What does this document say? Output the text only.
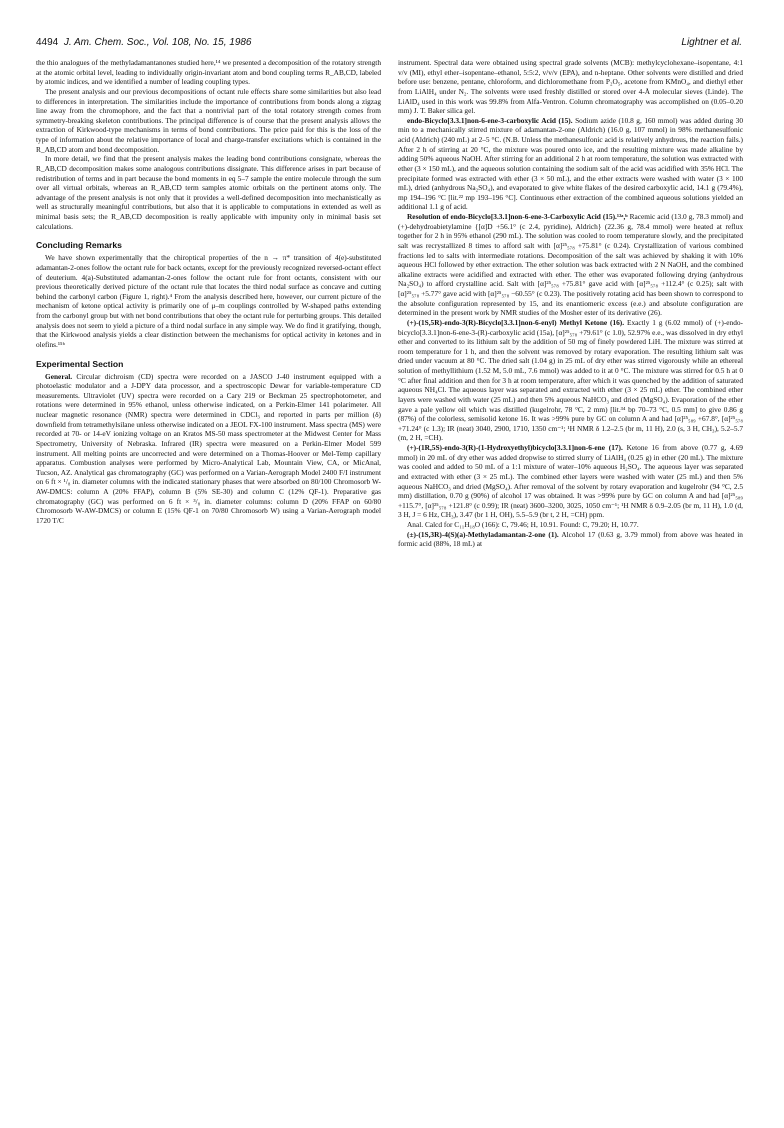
4494 J. Am. Chem. Soc., Vol. 108, No. 15, 1986	Lightner et al.

the thio analogues of the methyladamantanones studied here,¹⁴ we presented a decomposition of the rotatory strength at the atomic orbital level, leading to individually origin-invariant atom and bond coupling terms R_AB,CD, labeled by atomic indices, and we identified a number of leading coupling types.

The present analysis and our previous decompositions of octant rule effects share some similarities but also lead to differences in interpretation. The similarities include the importance of contributions from bonds along a zigzag line away from the chromophore, and the fact that a nontrivial part of the total rotatory strength comes from symmetry-breaking skeleton contributions. The principal difference is of course that the present analysis allows the extraction of Kirkwood-type mechanisms in terms of bond contributions. The price paid for this is the loss of the type of information about the relative importance of local and charge-transfer excitations which is contained in the R_AB,CD atom and bond decomposition.

In more detail, we find that the present analysis makes the leading bond contributions consignate, whereas the R_AB,CD decomposition makes some analogous contributions dissignate. This difference arises in part because of redistribution of terms and in part because the bond moments in eq 5–7 sample the entire molecule through the sum over all virtual orbitals, whereas an R_AB,CD term samples atomic orbitals on the pertinent atoms only. The advantage of the present analysis is not only that it provides a well-defined decomposition into mechanistically as well as structurally meaningful contributions, but also that it is applicable to computations in extended as well as minimal basis sets; the R_AB,CD decomposition is really applicable with impunity only in minimal basis set calculations.

Concluding Remarks

We have shown experimentally that the chiroptical properties of the n → π* transition of 4(e)-substituted adamantan-2-ones follow the octant rule for back octants, except for the previously recognized reversed-octant effect of deuterium. 4(a)-Substituted adamantan-2-ones follow the octant rule for front octants, consistent with our previous theoretically derived picture of the octant rule that locates the third nodal surface as concave and cutting behind the carbonyl carbon (Figure 1, right).⁴ From the analysis described here, however, our current picture of the mechanism of ketone optical activity is primarily one of μ–m couplings controlled by W-shaped paths extending from the carbonyl group but with net bond contributions that obey the octant rule for perturbing groups. This detailed analysis does not seem to yield a picture of a third nodal surface in any simple way. We do find it gratifying, though, that the Kirkwood analysis yields a clear distinction between the mechanisms for optical activity in ketones and in olefins.¹⁵ᵇ

Experimental Section

General. Circular dichroism (CD) spectra were recorded on a JASCO J-40 instrument equipped with a photoelastic modulator and a J-DPY data processor, and a spectroscopic Dewar for variable-temperature CD measurements. Ultraviolet (UV) spectra were recorded on a Cary 219 or Beckman 25 spectrophotometer, and rotations were determined in 95% ethanol, unless otherwise indicated, on a Perkin-Elmer 141 polarimeter. All nuclear magnetic resonance (NMR) spectra were determined in CDCl₃ and reported in parts per million (δ) downfield from tetramethylsilane unless otherwise indicated on a JEOL FX-100 instrument. Mass spectra (MS) were recorded at 70- or 14-eV ionizing voltage on an Kratos MS-50 mass spectrometer at the Midwest Center for Mass Spectrometry, University of Nebraska. Infrared (IR) spectra were measured on a Perkin-Elmer Model 599 instrument. All melting points are uncorrected and were determined on a Thomas-Hoover or Mel-Temp capillary apparatus. Combustion analyses were performed by Micro-Analytical Lab, Mountain View, CA, or MicAnal, Tucson, AZ. Analytical gas chromatography (GC) was performed on a Varian-Aerograph Model 2400 F/I instrument on 6 ft × ¹/₈ in. diameter columns with the indicated stationary phases that were absorbed on 80/100 Chromosorb W-AW-DMCS: column A (20% FFAP), column B (5% SE-30) and column C (12% QF-1). Preparative gas chromatography (GC) was performed on 6 ft × ³/₈ in. diameter columns: column D (20% FFAP on 60/80 Chromosorb W-AW-DMCS) or column E (15% QF-1 on 70/80 Chromosorb W) using a Varian-Aerograph model 1720 T/C

instrument. Spectral data were obtained using spectral grade solvents (MCB): methylcyclohexane–isopentane, 4:1 v/v (MI), ethyl ether–isopentane–ethanol, 5:5:2, v/v/v (EPA), and n-heptane. Other solvents were distilled and dried before use: benzene, pentane, chloroform, and dichloromethane from P₂O₅, acetone from KMnO₄, and diethyl ether from LiAlH₄ under N₂. The solvents were used freshly distilled or stored over 4-Å molecular sieves (Linde). The LiAlD₄ used in this work was 99.8% from Alfa-Ventron. Column chromatography was accomplished on (0.05–0.20 mm) J. T. Baker silica gel.

endo-Bicyclo[3.3.1]non-6-ene-3-carboxylic Acid (15). Sodium azide (10.8 g, 160 mmol) was added during 30 min to a mechanically stirred mixture of adamantan-2-one (Aldrich) (16.0 g, 107 mmol) in 98% methanesulfonic acid (Aldrich) (240 mL) at 2–5 °C. (N.B. Unless the methanesulfonic acid is relatively anhydrous, the reaction fails.) After 2 h of stirring at 20 °C, the mixture was poured onto ice, and the resulting mixture was made alkaline by adding 50% aqueous NaOH. After stirring for an additional 2 h at room temperature, the solution was extracted with ether (3 × 150 mL), and the aqueous solution containing the sodium salt of the acid was acidified with 35% HCl. The precipitate formed was extracted with ether (3 × 50 mL), and the ether extracts were washed with water (3 × 100 mL), dried (anhydrous Na₂SO₄), and evaporated to give white flakes of the desired carboxylic acid, 14.1 g (79.4%), mp 194–196 °C [lit.²² mp 193–196 °C]. Continuous ether extraction of the combined aqueous solutions yielded an additional 1.1 g of acid.

Resolution of endo-Bicyclo[3.3.1]non-6-ene-3-Carboxylic Acid (15).¹²ᵃ,ᵇ Racemic acid (13.0 g, 78.3 mmol) and (+)-dehydroabietylamine {[α]D +56.1° (c 2.4, pyridine), Aldrich} (22.36 g, 78.4 mmol) were heated at reflux together for 2 h in 95% ethanol (290 mL). The solution was cooled to room temperature slowly, and the precipitated salt was recrystallized 8 times to afford salt with [α]²⁵₅₇₈ +75.81° (c 0.24). Crystallization of various combined fractions led to salts with intermediate rotations. Decomposition of the salt was achieved by shaking it with 10% aqueous HCl followed by ether extraction. The ether solution was back extracted with 2 N NaOH, and the combined alkaline extracts were acidified and extracted with ether. The ether was evaporated following drying (anhydrous Na₂SO₄) to afford crystalline acid. Salt with [α]²⁵₅₇₈ +75.81° gave acid with [α]²⁵₅₇₈ +112.4° (c 0.25); salt with [α]²⁵₅₇₈ +5.77° gave acid with [α]²⁵₅₇₈ −60.55° (c 0.23). The positively rotating acid has been shown to correspond to the absolute configuration represented by 15, and its enantiomeric excess (e.e.) and absolute configuration are determined in the present work by NMR studies of the Mosher ester of its derivative (26).

(+)-(1S,5R)-endo-3(R)-Bicyclo[3.3.1]non-6-enyl) Methyl Ketone (16). Exactly 1 g (6.02 mmol) of (+)-endo-bicyclo[3.3.1]non-6-ene-3-(R)-carboxylic acid (15a), [α]²⁵₅₇₈ +79.61° (c 1.0), 52.97% e.e., was dissolved in dry ethyl ether and converted to its lithium salt by the addition of 50 mg of finely powdered LiH. The mixture was stirred at room temperature for 1 h, and then the solvent was removed by rotary evaporation. The resulting lithium salt was dried under vacuum at 80 °C. The dried salt (1.04 g) in 25 mL of dry ether was stirred vigorously while an ethereal solution of methyllithium (1.52 M, 5.0 mL, 7.6 mmol) was added to it at 0 °C. The mixture was stirred for 0.5 h at 0 °C after final addition and then for 3 h at room temperature, after which it was quenched by the addition of saturated aqueous NH₄Cl. The aqueous layer was separated and extracted with ether (3 × 25 mL) ether. The combined ether layers were washed with water (25 mL) and then 5% aqueous NaHCO₃ and dried (MgSO₄). Evaporation of the ether gave a pale yellow oil which was distilled (kugelrohr, 78 °C, 2 mm) [lit.³⁴ bp 70–73 °C, 0.5 mm] to give 0.86 g (87%) of the colorless, semisolid ketone 16. It was >99% pure by GC on column A and had [α]²⁵₅₈₉ +67.8°, [α]²⁵₅₇₈ +71.24° (c 1.3); IR (neat) 3040, 2900, 1710, 1350 cm⁻¹; ¹H NMR δ 1.2–2.5 (br m, 11 H), 2.0 (s, 3 H, CH₃), 5.2–5.7 (m, 2 H, =CH).

(+)-(1R,5S)-endo-3(R)-(1-Hydroxyethyl)bicyclo[3.3.1]non-6-ene (17). Ketone 16 from above (0.77 g, 4.69 mmol) in 20 mL of dry ether was added dropwise to stirred slurry of LiAlH₄ (0.25 g) in ether (20 mL). The mixture was cooled and added to 50 mL of a 1:1 mixture of water–10% aqueous H₂SO₄. The aqueous layer was separated and extracted with ether (3 × 25 mL). The combined ether layers were washed with water (25 mL) and then 5% aqueous NaHCO₃ and dried (MgSO₄). After removal of the solvent by rotary evaporation and kugelrohr (94 °C, 2.5 mm) distillation, 0.70 g (90%) of alcohol 17 was obtained. It was >99% pure by GC on column A and had [α]²⁵₅₈₉ +115.7°, [α]²⁵₅₇₈ +121.8° (c 0.99); IR (neat) 3600–3200, 3025, 1050 cm⁻¹; ¹H NMR δ 0.9–2.05 (br m, 11 H), 1.0 (d, 3 H, J = 6 Hz, CH₃), 3.47 (br 1 H, OH), 5.5–5.9 (br t, 2 H, =CH) ppm.

Anal. Calcd for C₁₁H₁₈O (166): C, 79.46; H, 10.91. Found: C, 79.20; H, 10.77.

(±)-(1S,3R)-4(S)(a)-Methyladamantan-2-one (1). Alcohol 17 (0.63 g, 3.79 mmol) from above was heated in formic acid (88%, 18 mL) at
